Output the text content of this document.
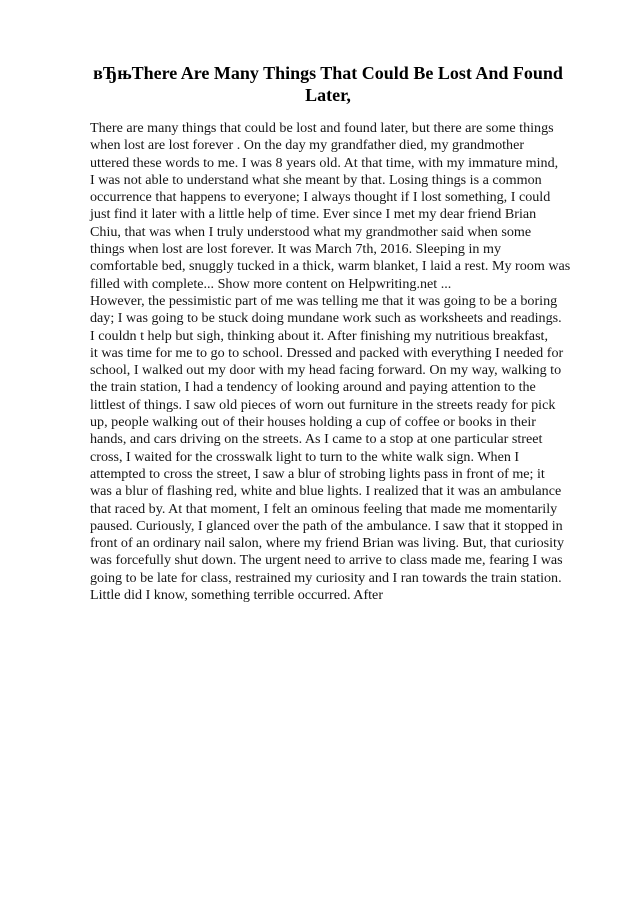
вЂњThere Are Many Things That Could Be Lost And Found Later,
There are many things that could be lost and found later, but there are some things
when lost are lost forever . On the day my grandfather died, my grandmother
uttered these words to me. I was 8 years old. At that time, with my immature mind,
I was not able to understand what she meant by that. Losing things is a common
occurrence that happens to everyone; I always thought if I lost something, I could
just find it later with a little help of time. Ever since I met my dear friend Brian
Chiu, that was when I truly understood what my grandmother said when some
things when lost are lost forever. It was March 7th, 2016. Sleeping in my
comfortable bed, snuggly tucked in a thick, warm blanket, I laid a rest. My room was
filled with complete... Show more content on Helpwriting.net ...
However, the pessimistic part of me was telling me that it was going to be a boring
day; I was going to be stuck doing mundane work such as worksheets and readings.
I couldn t help but sigh, thinking about it. After finishing my nutritious breakfast,
it was time for me to go to school. Dressed and packed with everything I needed for
school, I walked out my door with my head facing forward. On my way, walking to
the train station, I had a tendency of looking around and paying attention to the
littlest of things. I saw old pieces of worn out furniture in the streets ready for pick
up, people walking out of their houses holding a cup of coffee or books in their
hands, and cars driving on the streets. As I came to a stop at one particular street
cross, I waited for the crosswalk light to turn to the white walk sign. When I
attempted to cross the street, I saw a blur of strobing lights pass in front of me; it
was a blur of flashing red, white and blue lights. I realized that it was an ambulance
that raced by. At that moment, I felt an ominous feeling that made me momentarily
paused. Curiously, I glanced over the path of the ambulance. I saw that it stopped in
front of an ordinary nail salon, where my friend Brian was living. But, that curiosity
was forcefully shut down. The urgent need to arrive to class made me, fearing I was
going to be late for class, restrained my curiosity and I ran towards the train station.
Little did I know, something terrible occurred. After
